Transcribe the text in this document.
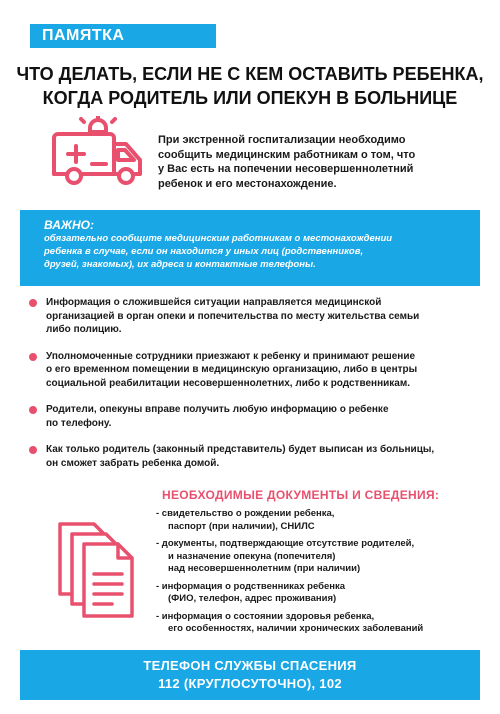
ПАМЯТКА
ЧТО ДЕЛАТЬ, ЕСЛИ НЕ С КЕМ ОСТАВИТЬ РЕБЕНКА,
КОГДА РОДИТЕЛЬ ИЛИ ОПЕКУН В БОЛЬНИЦЕ
При экстренной госпитализации необходимо
сообщить медицинским работникам о том, что
у Вас есть на попечении несовершеннолетний
ребенок и его местонахождение.
ВАЖНО:
обязательно сообщите медицинским работникам о местонахождении
ребенка в случае, если он находится у иных лиц (родственников,
друзей, знакомых), их адреса и контактные телефоны.
Информация о сложившейся ситуации направляется медицинской
организацией в орган опеки и попечительства по месту жительства семьи
либо полицию.
Уполномоченные сотрудники приезжают к ребенку и принимают решение
о его временном помещении в медицинскую организацию, либо в центры
социальной реабилитации несовершеннолетних, либо к родственникам.
Родители, опекуны вправе получить любую информацию о ребенке
по телефону.
Как только родитель (законный представитель) будет выписан из больницы,
он сможет забрать ребенка домой.
НЕОБХОДИМЫЕ ДОКУМЕНТЫ И СВЕДЕНИЯ:
- свидетельство о рождении ребенка,
паспорт (при наличии), СНИЛС
- документы, подтверждающие отсутствие родителей,
и назначение опекуна (попечителя)
над несовершеннолетним (при наличии)
- информация о родственниках ребенка
(ФИО, телефон, адрес проживания)
- информация о состоянии здоровья ребенка,
его особенностях, наличии хронических заболеваний
ТЕЛЕФОН СЛУЖБЫ СПАСЕНИЯ
112 (КРУГЛОСУТОЧНО), 102
